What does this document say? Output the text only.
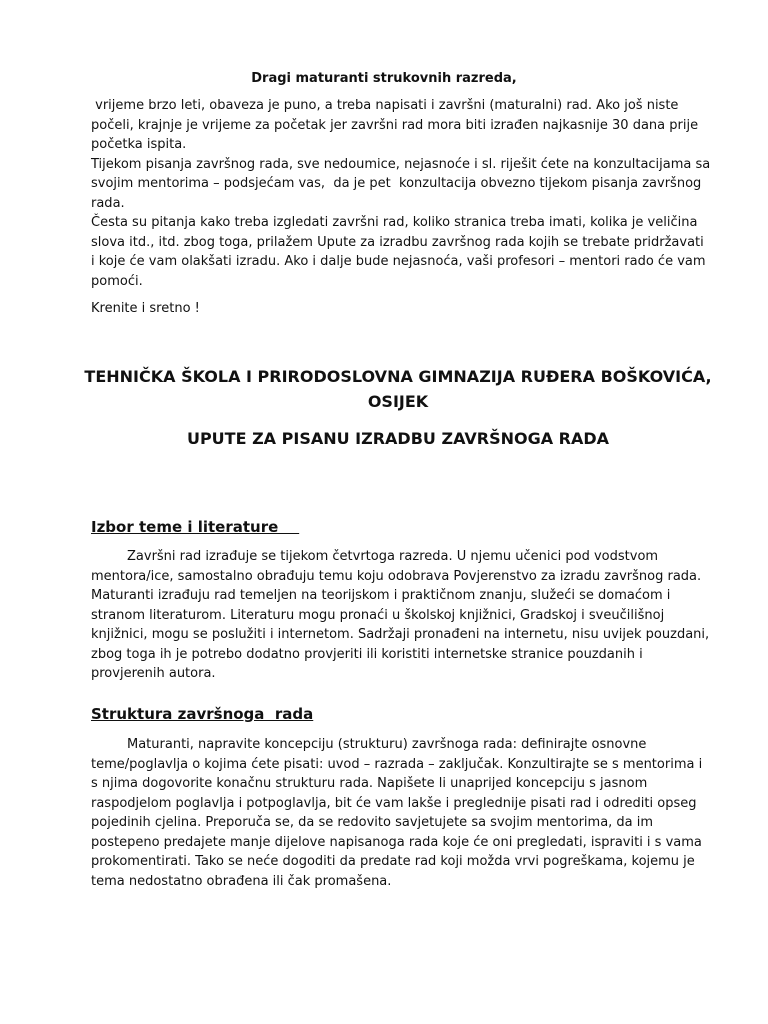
Dragi maturanti strukovnih razreda,

vrijeme brzo leti, obaveza je puno, a treba napisati i završni (maturalni) rad. Ako još niste počeli, krajnje je vrijeme za početak jer završni rad mora biti izrađen najkasnije 30 dana prije početka ispita.

Tijekom pisanja završnog rada, sve nedoumice, nejasnoće i sl. riješit ćete na konzultacijama sa svojim mentorima – podsjećam vas,  da je pet  konzultacija obvezno tijekom pisanja završnog rada.

Česta su pitanja kako treba izgledati završni rad, koliko stranica treba imati, kolika je veličina slova itd., itd. zbog toga, prilažem Upute za izradbu završnog rada kojih se trebate pridržavati i koje će vam olakšati izradu. Ako i dalje bude nejasnoća, vaši profesori – mentori rado će vam pomoći.

Krenite i sretno !

TEHNIČKA ŠKOLA I PRIRODOSLOVNA GIMNAZIJA RUĐERA BOŠKOVIĆA, OSIJEK
UPUTE ZA PISANU IZRADBU ZAVRŠNOGA RADA
Izbor teme i literature

Završni rad izrađuje se tijekom četvrtoga razreda. U njemu učenici pod vodstvom mentora/ice, samostalno obrađuju temu koju odobrava Povjerenstvo za izradu završnog rada. Maturanti izrađuju rad temeljen na teorijskom i praktičnom znanju, služeći se domaćom i stranom literaturom. Literaturu mogu pronaći u školskoj knjižnici, Gradskoj i sveučilišnoj knjižnici, mogu se poslužiti i internetom. Sadržaji pronađeni na internetu, nisu uvijek pouzdani, zbog toga ih je potrebo dodatno provjeriti ili koristiti internetske stranice pouzdanih i provjerenih autora.

Struktura završnoga  rada

Maturanti, napravite koncepciju (strukturu) završnoga rada: definirajte osnovne teme/poglavlja o kojima ćete pisati: uvod – razrada – zaključak. Konzultirajte se s mentorima i s njima dogovorite konačnu strukturu rada. Napišete li unaprijed koncepciju s jasnom raspodjelom poglavlja i potpoglavlja, bit će vam lakše i preglednije pisati rad i odrediti opseg pojedinih cjelina. Preporuča se, da se redovito savjetujete sa svojim mentorima, da im postepeno predajete manje dijelove napisanoga rada koje će oni pregledati, ispraviti i s vama prokomentirati. Tako se neće dogoditi da predate rad koji možda vrvi pogreškama, kojemu je tema nedostatno obrađena ili čak promašena.
